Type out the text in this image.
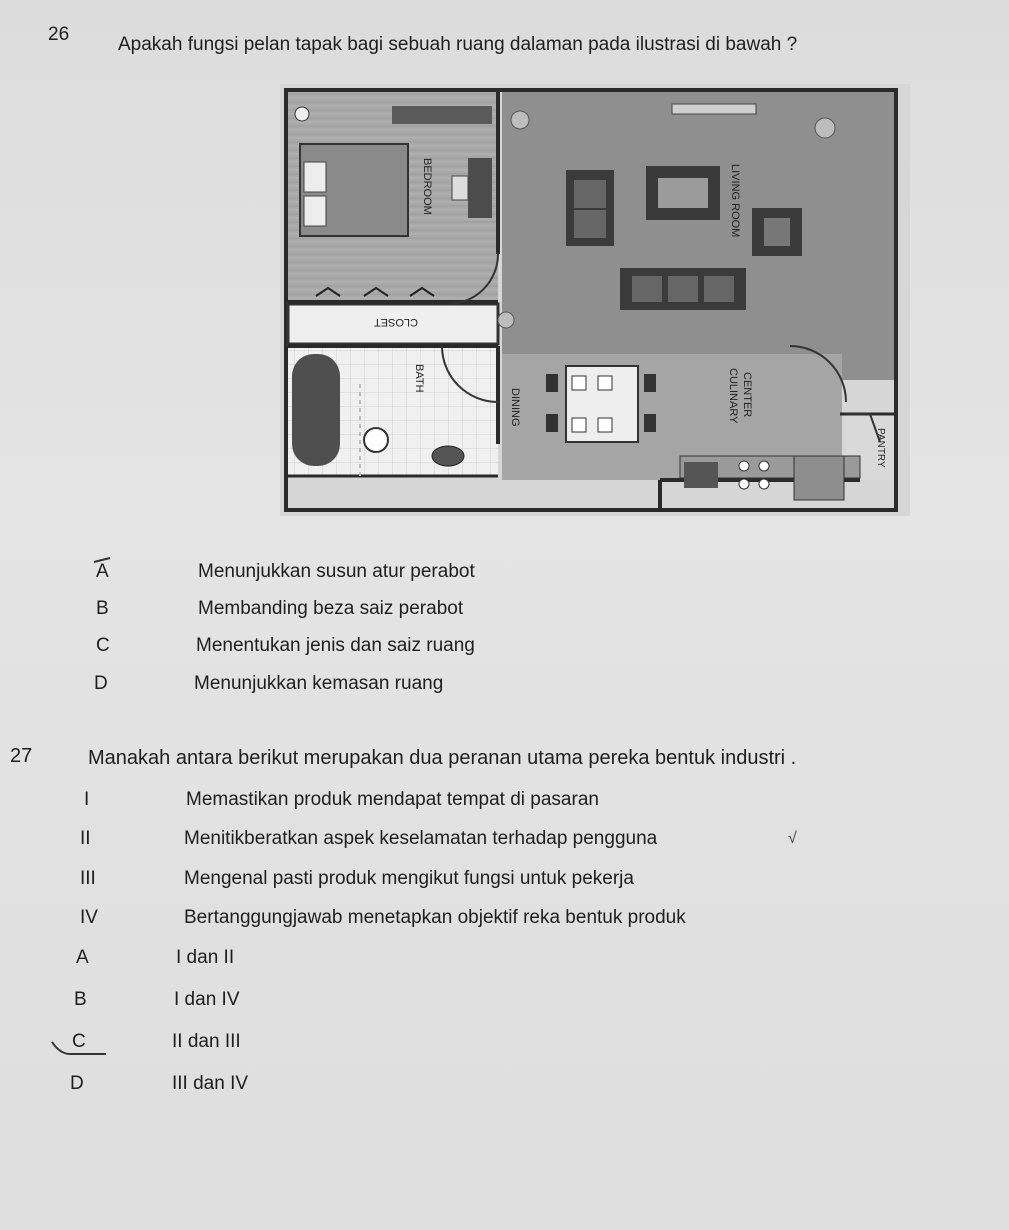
26	Apakah fungsi pelan tapak bagi sebuah ruang dalaman pada ilustrasi di bawah ?
BEDROOM
CLOSET
BATH
LIVING ROOM
DINING	CULINARY CENTER
PANTRY
A	Menunjukkan susun atur perabot
B	Membanding beza saiz perabot
C	Menentukan jenis dan saiz ruang
D	Menunjukkan kemasan ruang
27	Manakah antara berikut merupakan dua peranan utama pereka bentuk industri .
I	Memastikan produk mendapat tempat di pasaran
II	Menitikberatkan aspek keselamatan terhadap pengguna	√
III	Mengenal pasti produk mengikut fungsi untuk pekerja
IV	Bertanggungjawab menetapkan objektif reka bentuk produk
A	I dan II
B	I dan IV
C	II dan III
D	III dan IV
